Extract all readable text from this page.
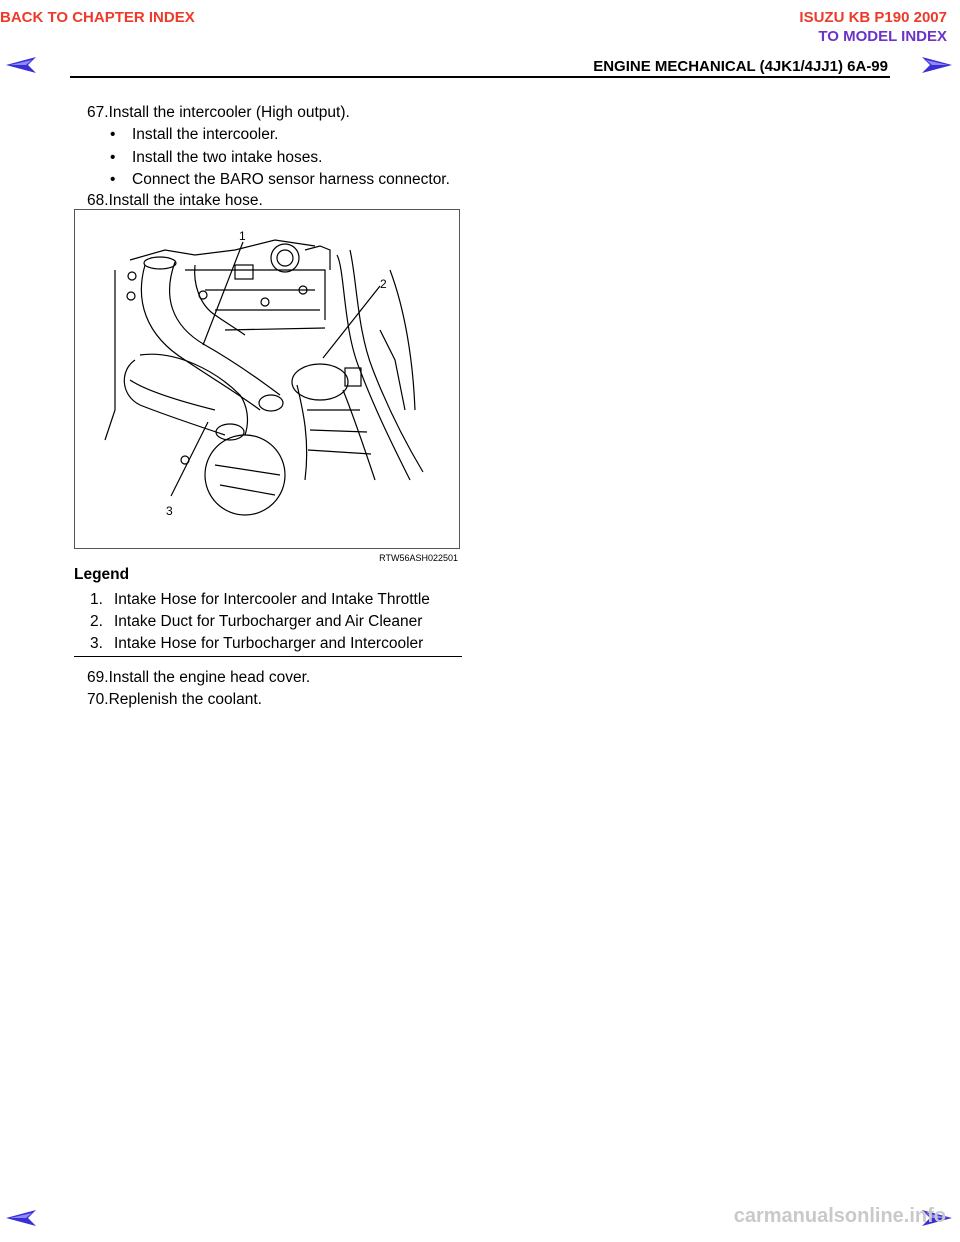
BACK TO CHAPTER INDEX	ISUZU KB P190 2007
TO MODEL INDEX
ENGINE MECHANICAL (4JK1/4JJ1) 6A-99
67.Install the intercooler (High output).
• Install the intercooler.
• Install the two intake hoses.
• Connect the BARO sensor harness connector.
68.Install the intake hose.
1
2
3
RTW56ASH022501
Legend
1. Intake Hose for Intercooler and Intake Throttle
2. Intake Duct for Turbocharger and Air Cleaner
3. Intake Hose for Turbocharger and Intercooler
69.Install the engine head cover.
70.Replenish the coolant.
carmanualsonline.info
